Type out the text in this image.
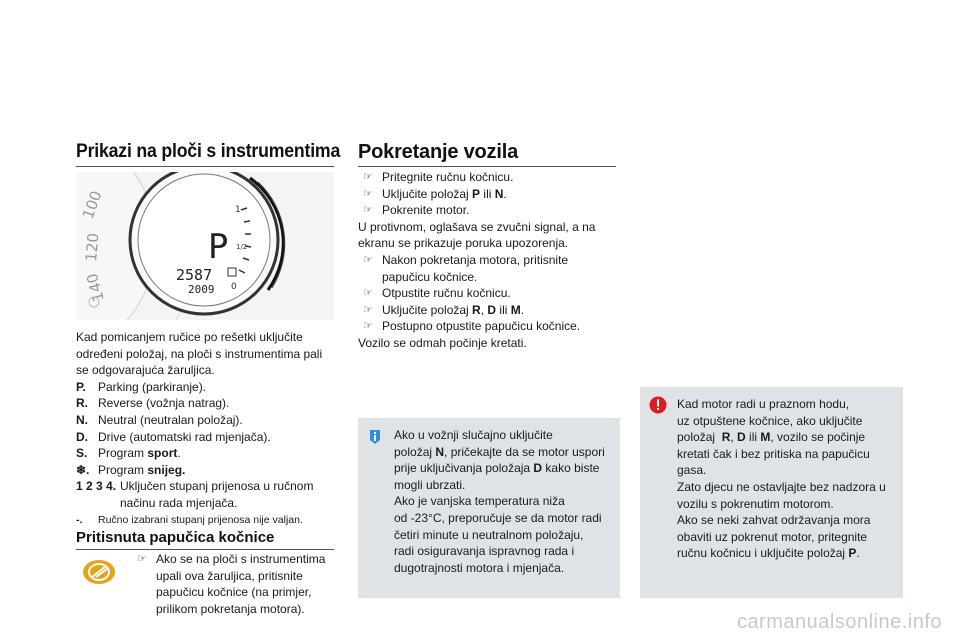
Prikazi na ploči s instrumentima
100
120
140
1
1/2
0
P
2587
2009
Kad pomicanjem ručice po rešetki uključite
određeni položaj, na ploči s instrumentima pali
se odgovarajuća žaruljica.
P. Parking (parkiranje).
R. Reverse (vožnja natrag).
N. Neutral (neutralan položaj).
D. Drive (automatski rad mjenjača).
S. Program sport.
❄. Program snijeg.
1 2 3 4. Uključen stupanj prijenosa u ručnom
načinu rada mjenjača.
-. Ručno izabrani stupanj prijenosa nije valjan.
Pritisnuta papučica kočnice
☞ Ako se na ploči s instrumentima
upali ova žaruljica, pritisnite
papučicu kočnice (na primjer,
prilikom pokretanja motora).
Pokretanje vozila
☞ Pritegnite ručnu kočnicu.
☞ Uključite položaj P ili N.
☞ Pokrenite motor.
U protivnom, oglašava se zvučni signal, a na
ekranu se prikazuje poruka upozorenja.
☞ Nakon pokretanja motora, pritisnite
papučicu kočnice.
☞ Otpustite ručnu kočnicu.
☞ Uključite položaj R, D ili M.
☞ Postupno otpustite papučicu kočnice.
Vozilo se odmah počinje kretati.
Ako u vožnji slučajno uključite
položaj N, pričekajte da se motor uspori
prije uključivanja položaja D kako biste
mogli ubrzati.
Ako je vanjska temperatura niža
od -23°C, preporučuje se da motor radi
četiri minute u neutralnom položaju,
radi osiguravanja ispravnog rada i
dugotrajnosti motora i mjenjača.
Kad motor radi u praznom hodu,
uz otpuštene kočnice, ako uključite
položaj  R, D ili M, vozilo se počinje
kretati čak i bez pritiska na papučicu
gasa.
Zato djecu ne ostavljajte bez nadzora u
vozilu s pokrenutim motorom.
Ako se neki zahvat održavanja mora
obaviti uz pokrenut motor, pritegnite
ručnu kočnicu i uključite položaj P.
carmanualsonline.info
